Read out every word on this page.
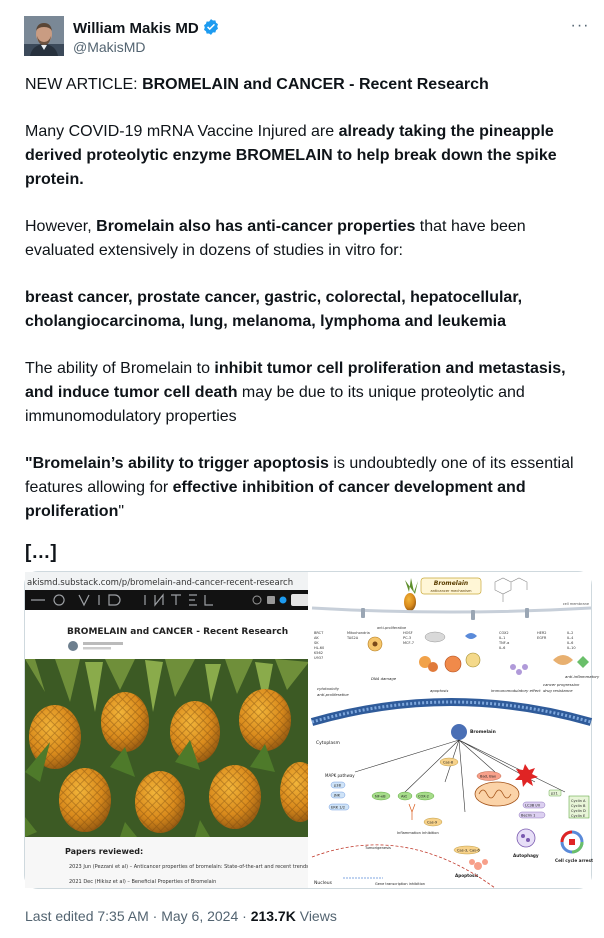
William Makis MD
@MakisMD
···

NEW ARTICLE: BROMELAIN and CANCER - Recent Research

Many COVID-19 mRNA Vaccine Injured are already taking the pineapple derived proteolytic enzyme BROMELAIN to help break down the spike protein.

However, Bromelain also has anti-cancer properties that have been evaluated extensively in dozens of studies in vitro for:

breast cancer, prostate cancer, gastric, colorectal, hepatocellular, cholangiocarcinoma, lung, melanoma, lymphoma and leukemia

The ability of Bromelain to inhibit tumor cell proliferation and metastasis, and induce tumor cell death may be due to its unique proteolytic and immunomodulatory properties

"Bromelain’s ability to trigger apoptosis is undoubtedly one of its essential features allowing for effective inhibition of cancer development and proliferation"

[…]
akismd.substack.com/p/bromelain-and-cancer-recent-research
BROMELAIN and CANCER - Recent Research
Papers reviewed:
2023 Jun (Pezzani et al) – Anticancer properties of bromelain: State-of-the-art and recent trends
2021 Dec (Hikisz et al) – Beneficial Properties of Bromelain
Bromelain
anticancer mechanism
cell membrane
BRCT
AK
SK
HL-60
K562
U937
Mitochondria
TAS2A
anti-proliferative
HOSF
PC-3
MCF-7
COX2
IL-1
TNF-α
IL-6
HER2
EGFR
IL-2
IL-4
IL-6
IL-10
cytotoxicity
anti-proliferative
DNA damage
apoptosis	immunomodulatory effect
cancer progression
drug resistance
anti-inflammatory
Cytoplasm
Bromelain
MAPK pathway
p38
JNK
ERK 1/2
NF-κB	Akt	COX-2
Cas-8
Bad, Bax
Cas-9
Cas-3, Cas-6
LC3B I/II
Beclin 1
p21
Cyclin A
Cyclin B
Cyclin D
Cyclin E
Apoptosis
Autophagy
Cell cycle arrest
Inflammation inhibition
Tumorigenesis
Nucleus	Gene transcription inhibition
Last edited 7:35 AM · May 6, 2024 · 213.7K Views
